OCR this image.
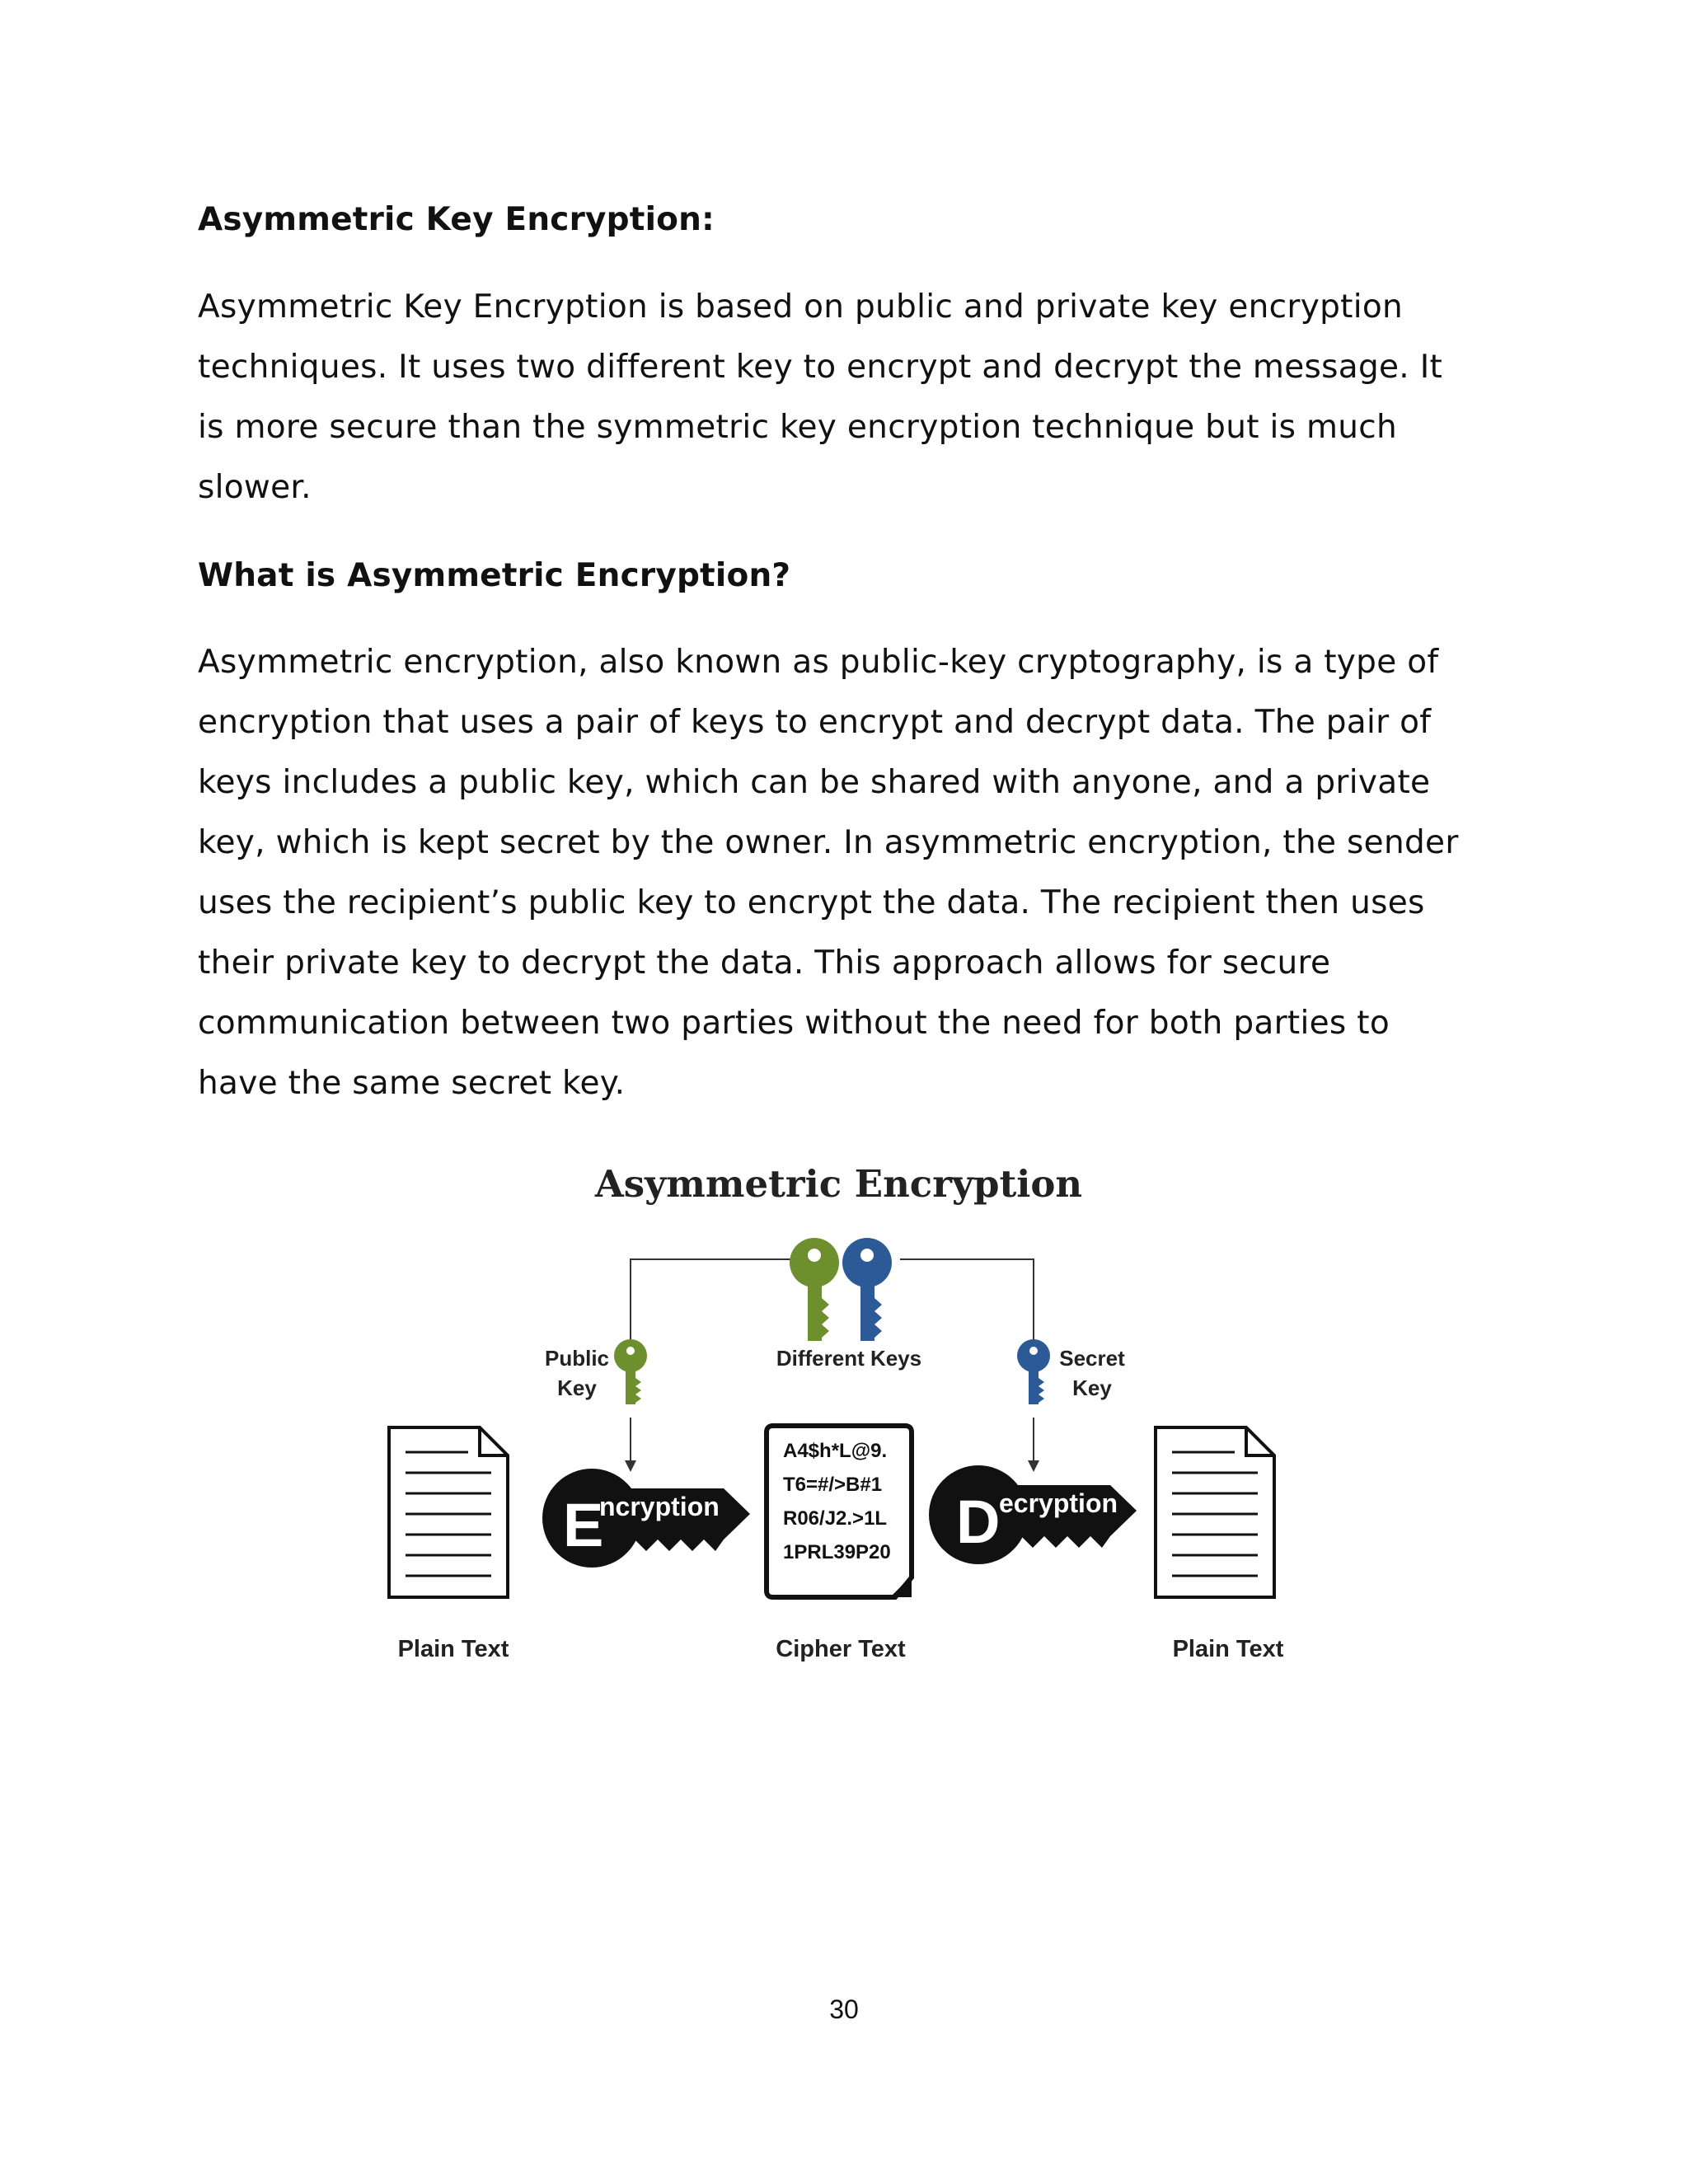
Asymmetric Key Encryption:

Asymmetric Key Encryption is based on public and private key encryption
techniques. It uses two different key to encrypt and decrypt the message. It
is more secure than the symmetric key encryption technique but is much
slower.

What is Asymmetric Encryption?

Asymmetric encryption, also known as public-key cryptography, is a type of
encryption that uses a pair of keys to encrypt and decrypt data. The pair of
keys includes a public key, which can be shared with anyone, and a private
key, which is kept secret by the owner. In asymmetric encryption, the sender
uses the recipient’s public key to encrypt the data. The recipient then uses
their private key to decrypt the data. This approach allows for secure
communication between two parties without the need for both parties to
have the same secret key.

Asymmetric Encryption
Public
Key
Different Keys	Secret
Key
E
ncryption	D
ecryption
A4$h*L@9.
T6=#/>B#1
R06/J2.>1L
1PRL39P20
Plain Text	Cipher Text	Plain Text
30
